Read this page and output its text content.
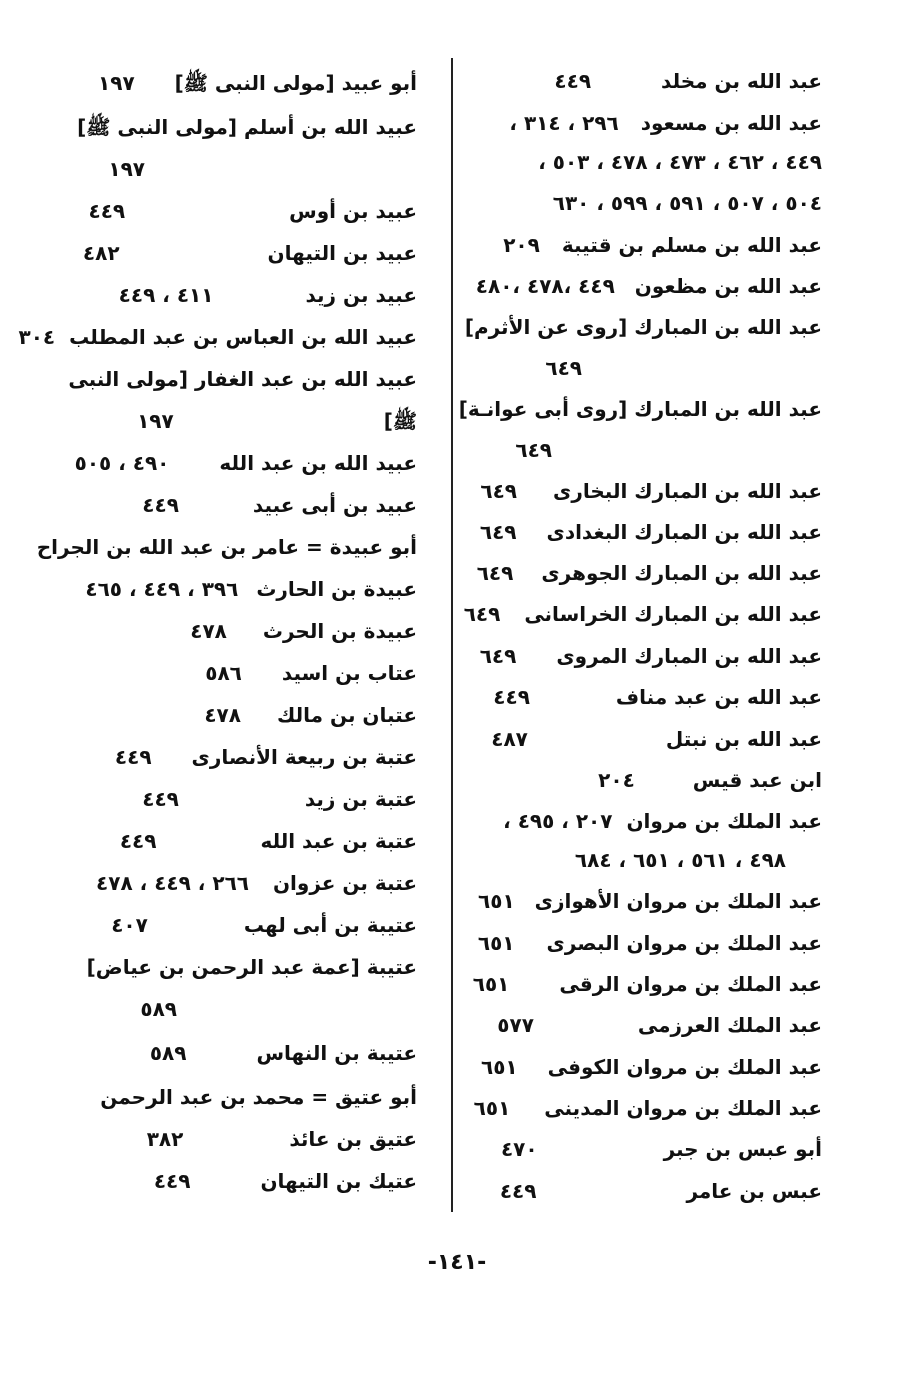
عبد الله بن مخلد٤٤٩
عبد الله بن مسعود٢٩٦ ، ٣١٤ ،
٤٤٩ ، ٤٦٢ ، ٤٧٣ ، ٤٧٨ ، ٥٠٣ ،
٥٠٤ ، ٥٠٧ ، ٥٩١ ، ٥٩٩ ، ٦٣٠
عبد الله بن مسلم بن قتيبة٢٠٩
عبد الله بن مظعون٤٤٩ ،٤٧٨ ،٤٨٠
عبد الله بن المبارك [روى عن الأثرم]
٦٤٩
عبد الله بن المبارك [روى أبى عوانـة]
٦٤٩
عبد الله بن المبارك البخارى٦٤٩
عبد الله بن المبارك البغدادى٦٤٩
عبد الله بن المبارك الجوهرى٦٤٩
عبد الله بن المبارك الخراسانى٦٤٩
عبد الله بن المبارك المروى٦٤٩
عبد الله بن عبد مناف٤٤٩
عبد الله بن نبتل٤٨٧
ابن عبد قيس٢٠٤
عبد الملك بن مروان٢٠٧ ، ٤٩٥ ،
٤٩٨ ، ٥٦١ ، ٦٥١ ، ٦٨٤
عبد الملك بن مروان الأهوازى٦٥١
عبد الملك بن مروان البصرى٦٥١
عبد الملك بن مروان الرقى٦٥١
عبد الملك العرزمى٥٧٧
عبد الملك بن مروان الكوفى٦٥١
عبد الملك بن مروان المدينى٦٥١
أبو عبس بن جبر٤٧٠
عبس بن عامر٤٤٩
أبو عبيد [مولى النبى ﷺ]١٩٧
عبيد الله بن أسلم [مولى النبى ﷺ]
١٩٧
عبيد بن أوس٤٤٩
عبيد بن التيهان٤٨٢
عبيد بن زيد٤١١ ، ٤٤٩
عبيد الله بن العباس بن عبد المطلب٣٠٤
عبيد الله بن عبد الغفار [مولى النبى
ﷺ]١٩٧
عبيد الله بن عبد الله٤٩٠ ، ٥٠٥
عبيد بن أبى عبيد٤٤٩
أبو عبيدة = عامر بن عبد الله بن الجراح
عبيدة بن الحارث٣٩٦ ، ٤٤٩ ، ٤٦٥
عبيدة بن الحرث٤٧٨
عتاب بن اسيد٥٨٦
عتبان بن مالك٤٧٨
عتبة بن ربيعة الأنصارى٤٤٩
عتبة بن زيد٤٤٩
عتبة بن عبد الله٤٤٩
عتبة بن عزوان٢٦٦ ، ٤٤٩ ، ٤٧٨
عتيبة بن أبى لهب٤٠٧
عتيبة [عمة عبد الرحمن بن عياض]
٥٨٩
عتيبة بن النهاس٥٨٩
أبو عتيق = محمد بن عبد الرحمن
عتيق بن عائذ٣٨٢
عتيك بن التيهان٤٤٩
-١٤١-
